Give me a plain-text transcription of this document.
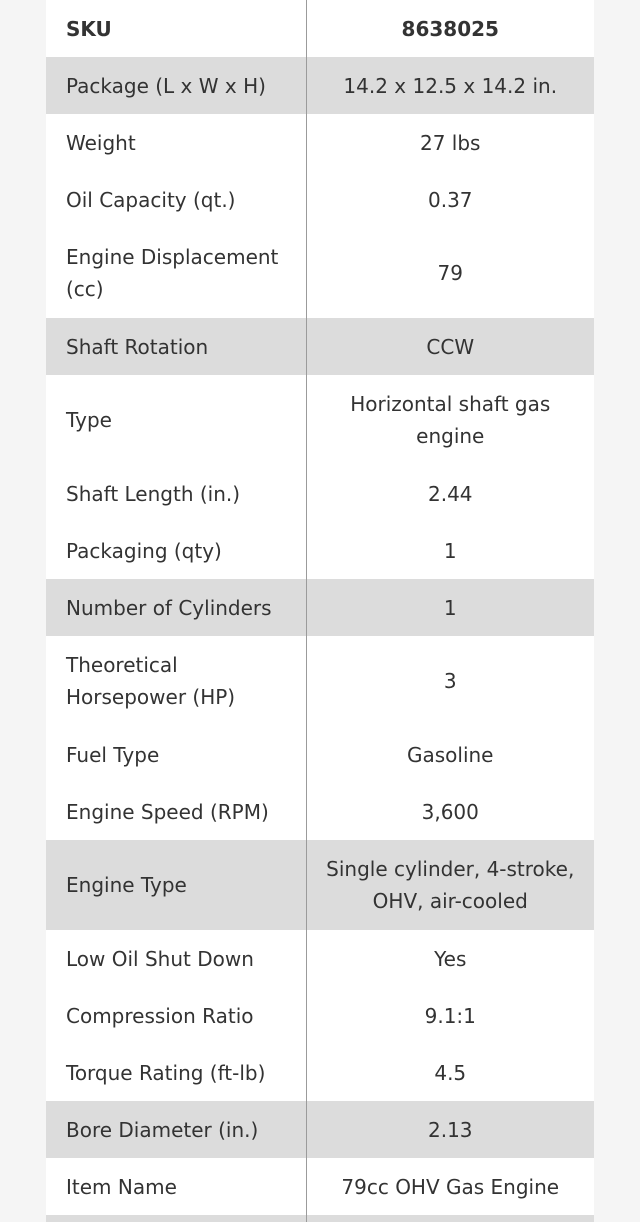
SKU	8638025
Package (L x W x H)	14.2 x 12.5 x 14.2 in.
Weight	27 lbs
Oil Capacity (qt.)	0.37
Engine Displacement (cc)	79
Shaft Rotation	CCW
Type	Horizontal shaft gas engine
Shaft Length (in.)	2.44
Packaging (qty)	1
Number of Cylinders	1
Theoretical Horsepower (HP)	3
Fuel Type	Gasoline
Engine Speed (RPM)	3,600
Engine Type	Single cylinder, 4-stroke, OHV, air-cooled
Low Oil Shut Down	Yes
Compression Ratio	9.1:1
Torque Rating (ft-lb)	4.5
Bore Diameter (in.)	2.13
Item Name	79cc OHV Gas Engine
